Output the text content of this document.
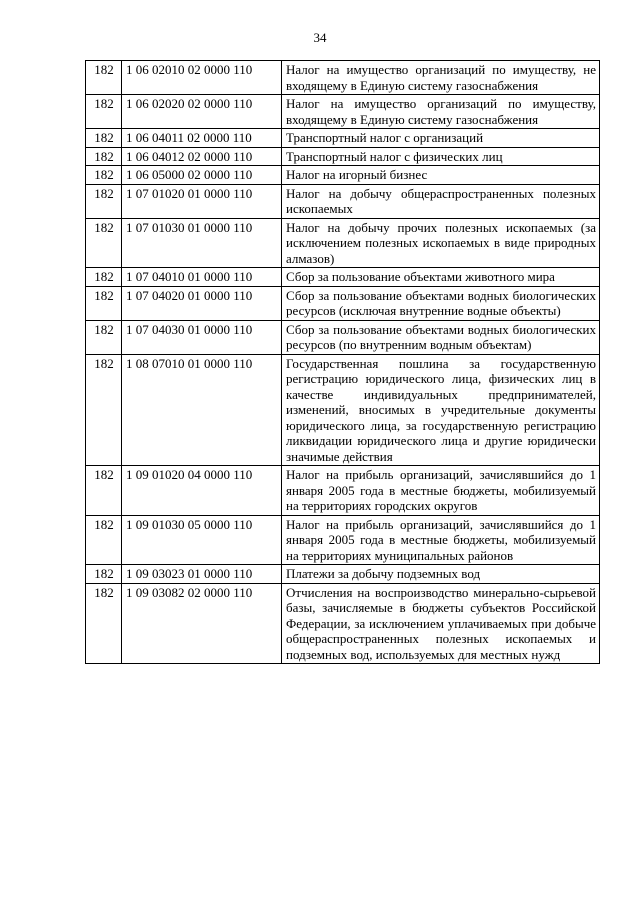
34
182	1 06 02010 02 0000 110	Налог на имущество организаций по имуществу, не входящему в Единую систему газоснабжения
182	1 06 02020 02 0000 110	Налог на имущество организаций по имуществу, входящему в Единую систему газоснабжения
182	1 06 04011 02 0000 110	Транспортный налог с организаций
182	1 06 04012 02 0000 110	Транспортный налог с физических лиц
182	1 06 05000 02 0000 110	Налог на игорный бизнес
182	1 07 01020 01 0000 110	Налог на добычу общераспространенных полезных ископаемых
182	1 07 01030 01 0000 110	Налог на добычу прочих полезных ископаемых (за исключением полезных ископаемых в виде природных алмазов)
182	1 07 04010 01 0000 110	Сбор за пользование объектами животного мира
182	1 07 04020 01 0000 110	Сбор за пользование объектами водных биологических ресурсов (исключая внутренние водные объекты)
182	1 07 04030 01 0000 110	Сбор за пользование объектами водных биологических ресурсов (по внутренним водным объектам)
182	1 08 07010 01 0000 110	Государственная пошлина за государственную регистрацию юридического лица, физических лиц в качестве индивидуальных предпринимателей, изменений, вносимых в учредительные документы юридического лица, за государственную регистрацию ликвидации юридического лица и другие юридически значимые действия
182	1 09 01020 04 0000 110	Налог на прибыль организаций, зачислявшийся до 1 января 2005 года в местные бюджеты, мобилизуемый на территориях городских округов
182	1 09 01030 05 0000 110	Налог на прибыль организаций, зачислявшийся до 1 января 2005 года в местные бюджеты, мобилизуемый на территориях муниципальных районов
182	1 09 03023 01 0000 110	Платежи за добычу подземных вод
182	1 09 03082 02 0000 110	Отчисления на воспроизводство минерально-сырьевой базы, зачисляемые в бюджеты субъектов Российской Федерации, за исключением уплачиваемых при добыче общераспространенных полезных ископаемых и подземных вод, используемых для местных нужд
